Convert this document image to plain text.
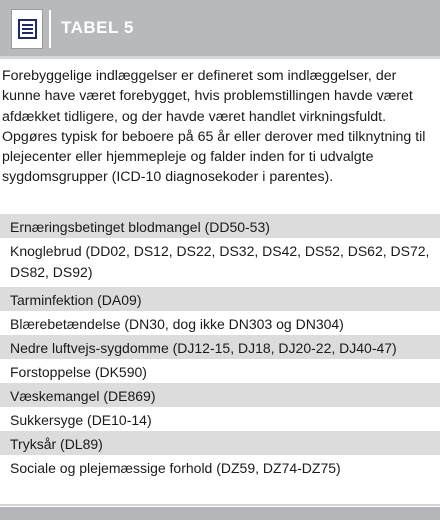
TABEL 5
Forebyggelige indlæggelser er defineret som indlæggelser, der kunne have været forebygget, hvis problemstillingen havde været afdækket tidligere, og der havde været handlet virkningsfuldt. Opgøres typisk for beboere på 65 år eller derover med tilknytning til plejecenter eller hjemmepleje og falder inden for ti udvalgte sygdomsgrupper (ICD-10 diagnosekoder i parentes).
Ernæringsbetinget blodmangel (DD50-53)
Knoglebrud (DD02, DS12, DS22, DS32, DS42, DS52, DS62, DS72, DS82, DS92)
Tarminfektion (DA09)
Blærebetændelse (DN30, dog ikke DN303 og DN304)
Nedre luftvejs-sygdomme (DJ12-15, DJ18, DJ20-22, DJ40-47)
Forstoppelse (DK590)
Væskemangel (DE869)
Sukkersyge (DE10-14)
Tryksår (DL89)
Sociale og plejemæssige forhold (DZ59, DZ74-DZ75)
